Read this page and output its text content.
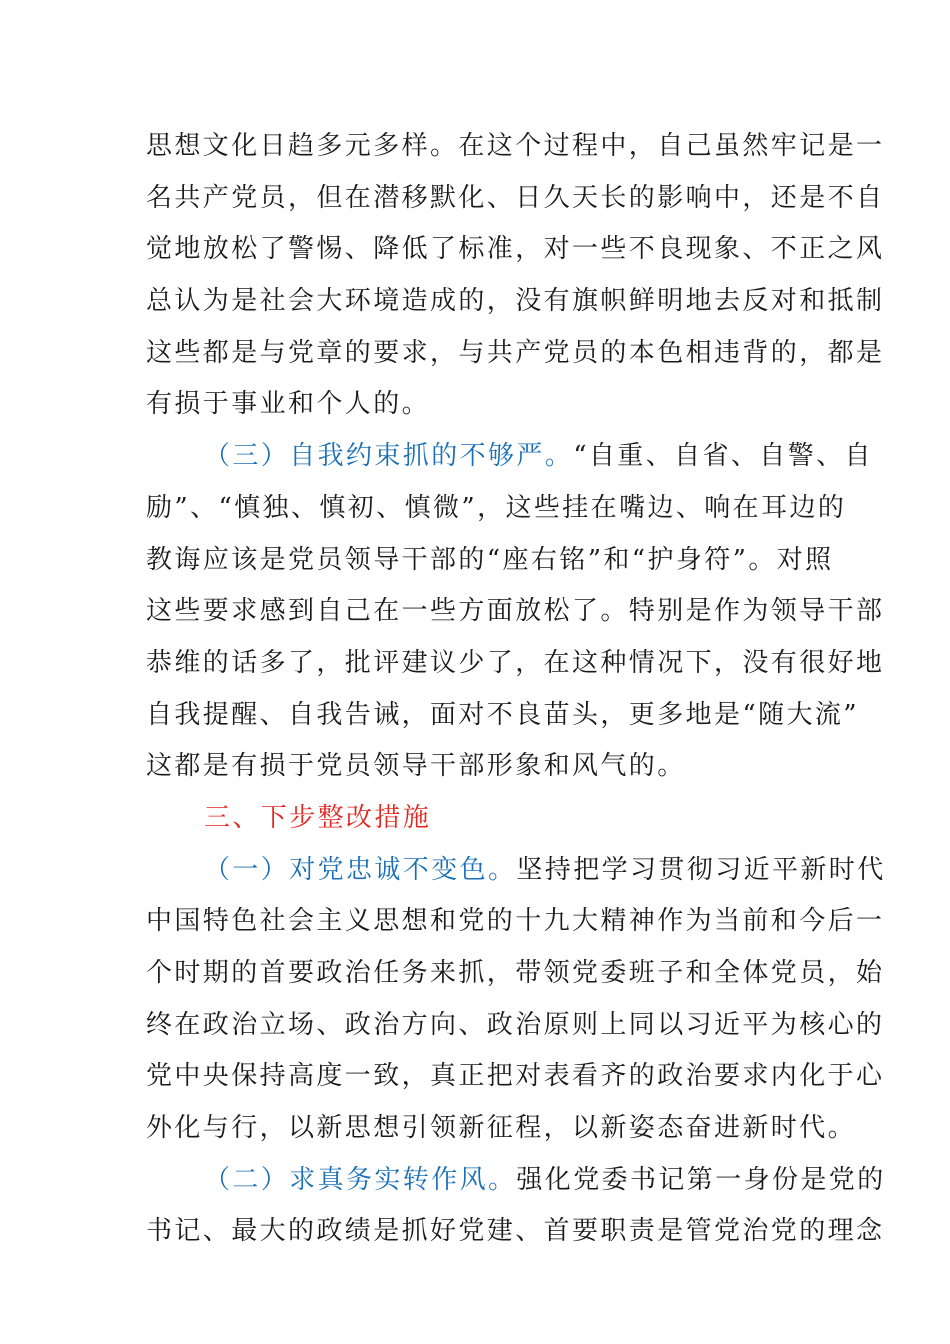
思想文化日趋多元多样。在这个过程中，自己虽然牢记是一
名共产党员，但在潜移默化、日久天长的影响中，还是不自
觉地放松了警惕、降低了标准，对一些不良现象、不正之风
总认为是社会大环境造成的，没有旗帜鲜明地去反对和抵制
这些都是与党章的要求，与共产党员的本色相违背的，都是
有损于事业和个人的。
（三）自我约束抓的不够严。“自重、自省、自警、自
励”、“慎独、慎初、慎微”，这些挂在嘴边、响在耳边的
教诲应该是党员领导干部的“座右铭”和“护身符”。对照
这些要求感到自己在一些方面放松了。特别是作为领导干部
恭维的话多了，批评建议少了，在这种情况下，没有很好地
自我提醒、自我告诫，面对不良苗头，更多地是“随大流”
这都是有损于党员领导干部形象和风气的。
三、下步整改措施
（一）对党忠诚不变色。坚持把学习贯彻习近平新时代
中国特色社会主义思想和党的十九大精神作为当前和今后一
个时期的首要政治任务来抓，带领党委班子和全体党员，始
终在政治立场、政治方向、政治原则上同以习近平为核心的
党中央保持高度一致，真正把对表看齐的政治要求内化于心
外化与行，以新思想引领新征程，以新姿态奋进新时代。
（二）求真务实转作风。强化党委书记第一身份是党的
书记、最大的政绩是抓好党建、首要职责是管党治党的理念
